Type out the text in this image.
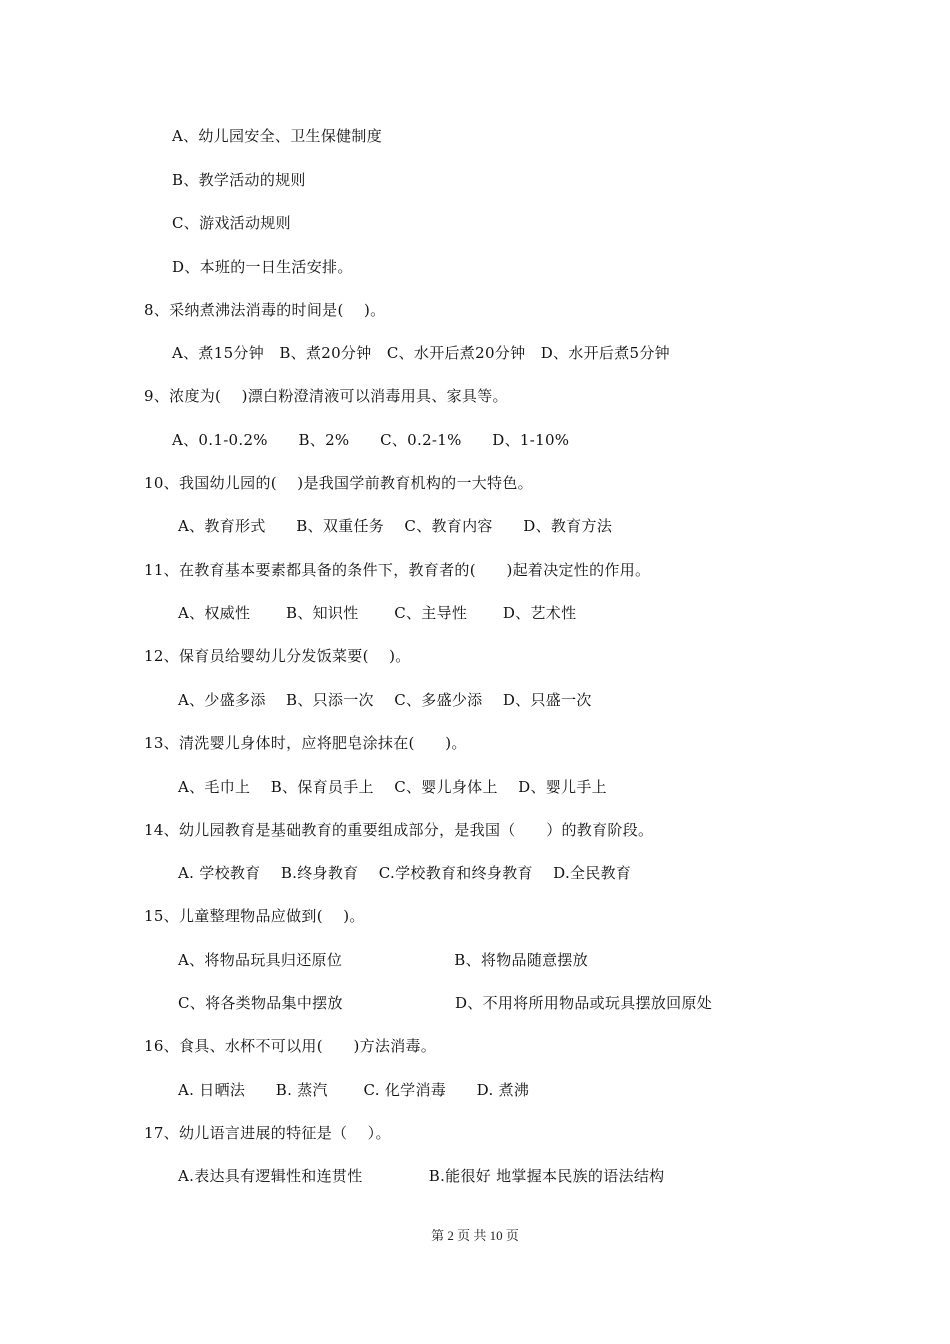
A、幼儿园安全、卫生保健制度
B、教学活动的规则
C、游戏活动规则
D、本班的一日生活安排。
8、采纳煮沸法消毒的时间是(　 )。
A、煮15分钟　B、煮20分钟　C、水开后煮20分钟　D、水开后煮5分钟
9、浓度为(　 )漂白粉澄清液可以消毒用具、家具等。
A、0.1-0.2%　　B、2%　　C、0.2-1%　　D、1-10%
10、我国幼儿园的(　 )是我国学前教育机构的一大特色。
A、教育形式　　B、双重任务　 C、教育内容　　D、教育方法
11、在教育基本要素都具备的条件下，教育者的(　　)起着决定性的作用。
A、权威性　　 B、知识性　　 C、主导性　　 D、艺术性
12、保育员给婴幼儿分发饭菜要(　 )。
A、少盛多添　 B、只添一次　 C、多盛少添　 D、只盛一次
13、清洗婴儿身体时，应将肥皂涂抹在(　　)。
A、毛巾上　 B、保育员手上　 C、婴儿身体上　 D、婴儿手上
14、幼儿园教育是基础教育的重要组成部分，是我国（　　）的教育阶段。
A. 学校教育　 B.终身教育　 C.学校教育和终身教育　 D.全民教育
15、儿童整理物品应做到(　 )。
A、将物品玩具归还原位　　　　　　　 B、将物品随意摆放
C、将各类物品集中摆放　　　　　　　 D、不用将所用物品或玩具摆放回原处
16、食具、水杯不可以用(　　)方法消毒。
A. 日晒法　　B. 蒸汽　　 C. 化学消毒　　D. 煮沸
17、幼儿语言进展的特征是（　 ）。
A.表达具有逻辑性和连贯性　　　　 B.能很好 地掌握本民族的语法结构
第 2 页 共 10 页
